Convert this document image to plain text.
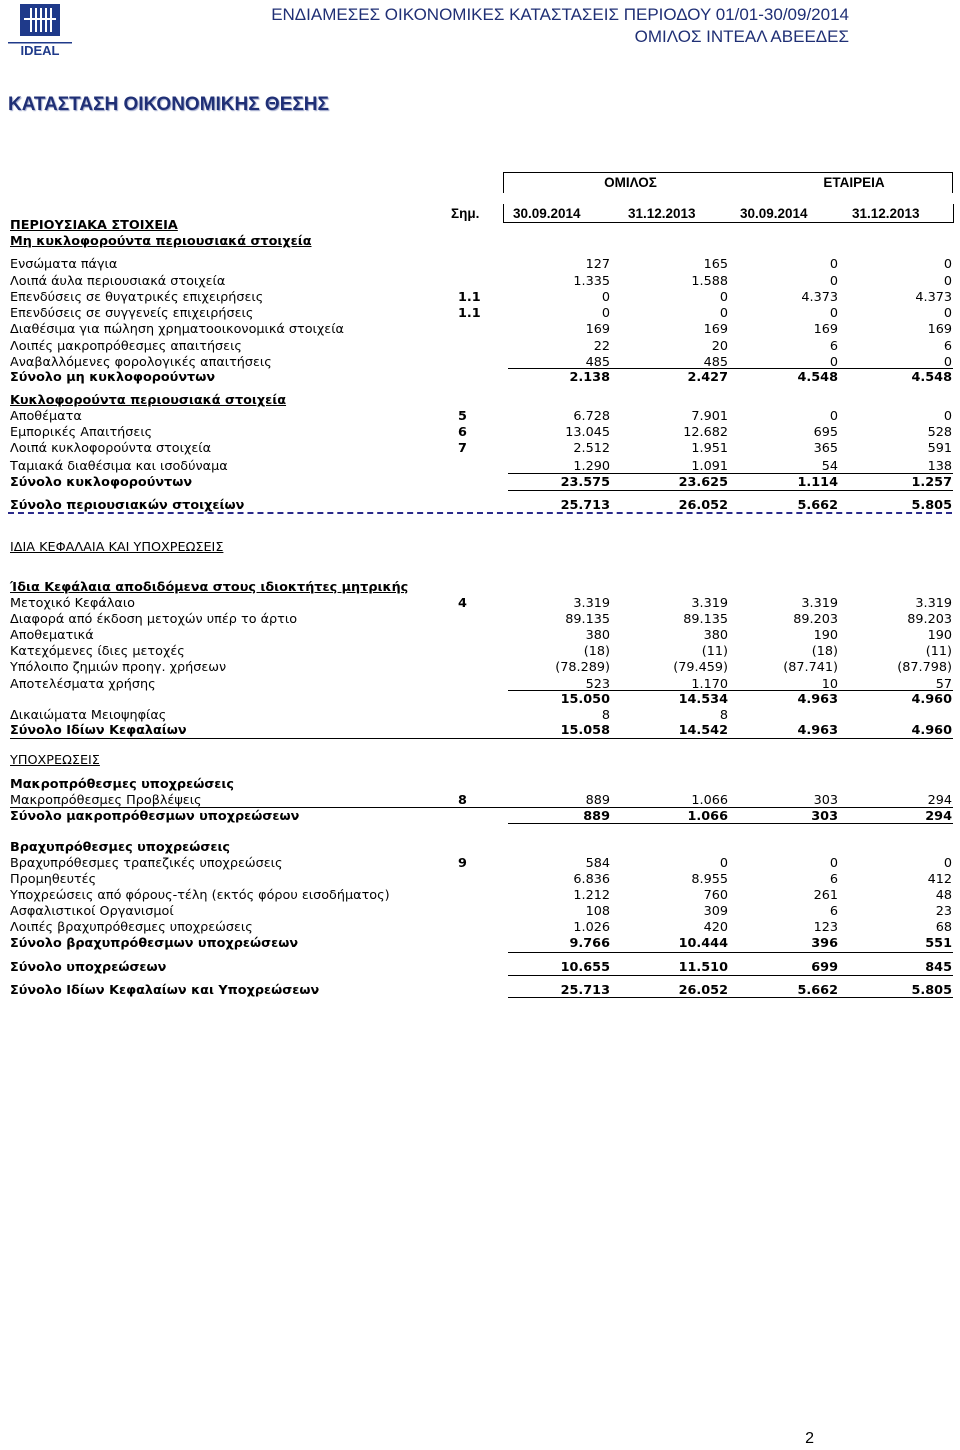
IDEAL
ΕΝΔΙΑΜΕΣΕΣ ΟΙΚΟΝΟΜΙΚΕΣ ΚΑΤΑΣΤΑΣΕΙΣ ΠΕΡΙΟΔΟΥ 01/01-30/09/2014
ΟΜΙΛΟΣ ΙΝΤΕΑΛ ΑΒΕΕΔΕΣ
ΚΑΤΑΣΤΑΣΗ ΟΙΚΟΝΟΜΙΚΗΣ ΘΕΣΗΣ
ΟΜΙΛΟΣ	ΕΤΑΙΡΕΙΑ
Σημ. 30.09.2014	31.12.2013	30.09.2014	31.12.2013
ΠΕΡΙΟΥΣΙΑΚΑ ΣΤΟΙΧΕΙΑ
Μη κυκλοφορούντα περιουσιακά στοιχεία
Ενσώματα πάγια	127	165	0	0
Λοιπά άυλα περιουσιακά στοιχεία	1.335	1.588	0	0
Επενδύσεις σε θυγατρικές επιχειρήσεις	1.1	0	0	4.373	4.373
Επενδύσεις σε συγγενείς επιχειρήσεις	1.1	0	0	0	0
Διαθέσιμα για πώληση χρηματοοικονομικά στοιχεία	169	169	169	169
Λοιπές μακροπρόθεσμες απαιτήσεις	22	20	6	6
Αναβαλλόμενες φορολογικές απαιτήσεις	485	485	0	0
Σύνολο μη κυκλοφορούντων	2.138	2.427	4.548	4.548
Κυκλοφορούντα περιουσιακά στοιχεία
Αποθέματα	5	6.728	7.901	0	0
Εμπορικές Απαιτήσεις	6	13.045	12.682	695	528
Λοιπά κυκλοφορούντα στοιχεία	7	2.512	1.951	365	591
Ταμιακά διαθέσιμα και ισοδύναμα	1.290	1.091	54	138
Σύνολο κυκλοφορούντων	23.575	23.625	1.114	1.257
Σύνολο περιουσιακών στοιχείων	25.713	26.052	5.662	5.805
ΙΔΙΑ ΚΕΦΑΛΑΙΑ ΚΑΙ ΥΠΟΧΡΕΩΣΕΙΣ
Ίδια Κεφάλαια αποδιδόμενα στους ιδιοκτήτες μητρικής
Μετοχικό Κεφάλαιο	4	3.319	3.319	3.319	3.319
Διαφορά από έκδοση μετοχών υπέρ το άρτιο	89.135	89.135	89.203	89.203
Αποθεματικά	380	380	190	190
Κατεχόμενες ίδιες μετοχές	(18)	(11)	(18)	(11)
Υπόλοιπο ζημιών προηγ. χρήσεων	(78.289)	(79.459)	(87.741)	(87.798)
Αποτελέσματα χρήσης	523	1.170	10	57
15.050	14.534	4.963	4.960
Δικαιώματα Μειοψηφίας	8	8
Σύνολο Ιδίων Κεφαλαίων	15.058	14.542	4.963	4.960
ΥΠΟΧΡΕΩΣΕΙΣ
Μακροπρόθεσμες υποχρεώσεις
Μακροπρόθεσμες Προβλέψεις	8	889	1.066	303	294
Σύνολο μακροπρόθεσμων υποχρεώσεων	889	1.066	303	294
Βραχυπρόθεσμες υποχρεώσεις
Βραχυπρόθεσμες τραπεζικές υποχρεώσεις	9	584	0	0	0
Προμηθευτές	6.836	8.955	6	412
Υποχρεώσεις από φόρους-τέλη (εκτός φόρου εισοδήματος)	1.212	760	261	48
Ασφαλιστικοί Οργανισμοί	108	309	6	23
Λοιπές βραχυπρόθεσμες υποχρεώσεις	1.026	420	123	68
Σύνολο βραχυπρόθεσμων υποχρεώσεων	9.766	10.444	396	551
Σύνολο υποχρεώσεων	10.655	11.510	699	845
Σύνολο Ιδίων Κεφαλαίων και Υποχρεώσεων	25.713	26.052	5.662	5.805
2
